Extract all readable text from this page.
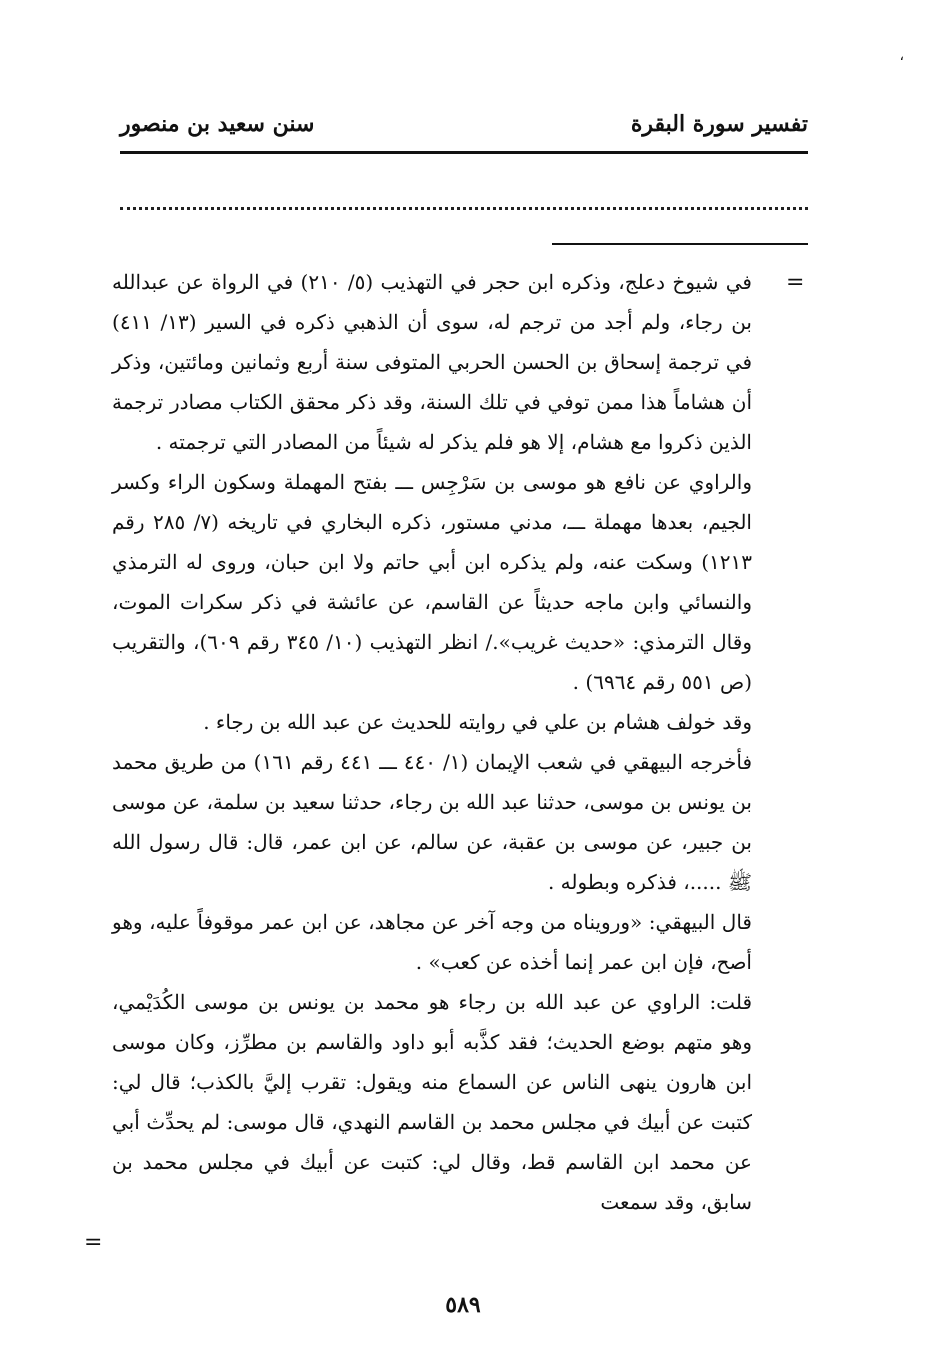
،
تفسير سورة البقرة
سنن سعيد بن منصور
=

في شيوخ دعلج، وذكره ابن حجر في التهذيب (٥/ ٢١٠) في الرواة عن عبدالله بن رجاء، ولم أجد من ترجم له، سوى أن الذهبي ذكره في السير (١٣/ ٤١١) في ترجمة إسحاق بن الحسن الحربي المتوفى سنة أربع وثمانين ومائتين، وذكر أن هشاماً هذا ممن توفي في تلك السنة، وقد ذكر محقق الكتاب مصادر ترجمة الذين ذكروا مع هشام، إلا هو فلم يذكر له شيئاً من المصادر التي ترجمته .

والراوي عن نافع هو موسى بن سَرْجِس ـــ بفتح المهملة وسكون الراء وكسر الجيم، بعدها مهملة ـــ، مدني مستور، ذكره البخاري في تاريخه (٧/ ٢٨٥ رقم ١٢١٣) وسكت عنه، ولم يذكره ابن أبي حاتم ولا ابن حبان، وروى له الترمذي والنسائي وابن ماجه حديثاً عن القاسم، عن عائشة في ذكر سكرات الموت، وقال الترمذي: «حديث غريب»./ انظر التهذيب (١٠/ ٣٤٥ رقم ٦٠٩)، والتقريب (ص ٥٥١ رقم ٦٩٦٤) .

وقد خولف هشام بن علي في روايته للحديث عن عبد الله بن رجاء .

فأخرجه البيهقي في شعب الإيمان (١/ ٤٤٠ ـــ ٤٤١ رقم ١٦١) من طريق محمد بن يونس بن موسى، حدثنا عبد الله بن رجاء، حدثنا سعيد بن سلمة، عن موسى بن جبير، عن موسى بن عقبة، عن سالم، عن ابن عمر، قال: قال رسول الله ﷺ .....، فذكره وبطوله .

قال البيهقي: «ورويناه من وجه آخر عن مجاهد، عن ابن عمر موقوفاً عليه، وهو أصح، فإن ابن عمر إنما أخذه عن كعب» .

قلت: الراوي عن عبد الله بن رجاء هو محمد بن يونس بن موسى الكُدَيْمي، وهو متهم بوضع الحديث؛ فقد كذَّبه أبو داود والقاسم بن مطرِّز، وكان موسى ابن هارون ينهى الناس عن السماع منه ويقول: تقرب إليَّ بالكذب؛ قال لي: كتبت عن أبيك في مجلس محمد بن القاسم النهدي، قال موسى: لم يحدِّث أبي عن محمد ابن القاسم قط، وقال لي: كتبت عن أبيك في مجلس محمد بن سابق، وقد سمعت

=
٥٨٩
